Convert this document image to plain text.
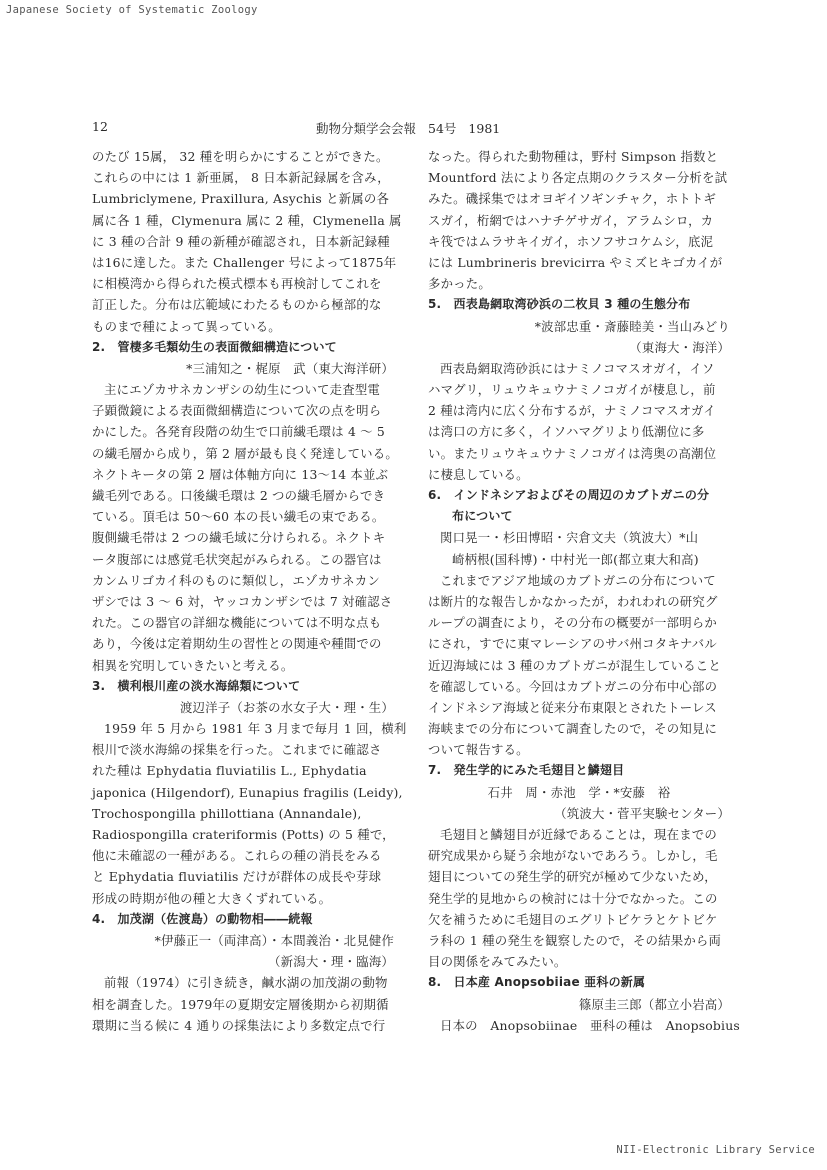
Japanese Society of Systematic Zoology
12	動物分類学会会報 54号 1981
のたび 15属， 32 種を明らかにすることができた。
これらの中には 1 新亜属， 8 日本新記録属を含み，
Lumbriclymene, Praxillura, Asychis と新属の各
属に各 1 種，Clymenura 属に 2 種，Clymenella 属
に 3 種の合計 9 種の新種が確認され，日本新記録種
は16に達した。また Challenger 号によって1875年
に相模湾から得られた模式標本も再検討してこれを
訂正した。分布は広範域にわたるものから極部的な
ものまで種によって異っている。
2.　管棲多毛類幼生の表面微細構造について
*三浦知之・梶原　武（東大海洋研）
主にエゾカサネカンザシの幼生について走査型電
子顕微鏡による表面微細構造について次の点を明ら
かにした。各発育段階の幼生で口前繊毛環は 4 ～ 5
の繊毛層から成り，第 2 層が最も良く発達している。
ネクトキータの第 2 層は体軸方向に 13～14 本並ぶ
繊毛列である。口後繊毛環は 2 つの繊毛層からでき
ている。頂毛は 50～60 本の長い繊毛の束である。
腹側繊毛帯は 2 つの繊毛域に分けられる。ネクトキ
ータ腹部には感覚毛状突起がみられる。この器官は
カンムリゴカイ科のものに類似し，エゾカサネカン
ザシでは 3 ～ 6 対，ヤッコカンザシでは 7 対確認さ
れた。この器官の詳細な機能については不明な点も
あり，今後は定着期幼生の習性との関連や種間での
相異を究明していきたいと考える。
3.　横利根川産の淡水海綿類について
渡辺洋子（お茶の水女子大・理・生）
1959 年 5 月から 1981 年 3 月まで毎月 1 回，横利
根川で淡水海綿の採集を行った。これまでに確認さ
れた種は Ephydatia fluviatilis L., Ephydatia
japonica (Hilgendorf), Eunapius fragilis (Leidy),
Trochospongilla phillottiana (Annandale),
Radiospongilla crateriformis (Potts) の 5 種で，
他に未確認の一種がある。これらの種の消長をみる
と Ephydatia fluviatilis だけが群体の成長や芽球
形成の時期が他の種と大きくずれている。
4.　加茂湖（佐渡島）の動物相――続報
*伊藤正一（両津高）・本間義治・北見健作
（新潟大・理・臨海）
前報（1974）に引き続き，鹹水湖の加茂湖の動物
相を調査した。1979年の夏期安定層後期から初期循
環期に当る候に 4 通りの採集法により多数定点で行
なった。得られた動物種は，野村 Simpson 指数と
Mountford 法により各定点期のクラスター分析を試
みた。磯採集ではオヨギイソギンチャク，ホトトギ
スガイ，桁網ではハナチゲサガイ，アラムシロ，カ
キ筏ではムラサキイガイ，ホソフサコケムシ，底泥
には Lumbrineris brevicirra やミズヒキゴカイが
多かった。
5.　西表島網取湾砂浜の二枚貝 3 種の生態分布
*波部忠重・斎藤睦美・当山みどり
（東海大・海洋）
西表島網取湾砂浜にはナミノコマスオガイ，イソ
ハマグリ，リュウキュウナミノコガイが棲息し，前
2 種は湾内に広く分布するが，ナミノコマスオガイ
は湾口の方に多く，イソハマグリより低潮位に多
い。またリュウキュウナミノコガイは湾奥の高潮位
に棲息している。
6.　インドネシアおよびその周辺のカブトガニの分
布について
関口晃一・杉田博昭・宍倉文夫（筑波大）*山
崎柄根(国科博)・中村光一郎(都立東大和高)
これまでアジア地域のカブトガニの分布について
は断片的な報告しかなかったが，われわれの研究グ
ループの調査により，その分布の概要が一部明らか
にされ，すでに東マレーシアのサバ州コタキナバル
近辺海域には 3 種のカブトガニが混生していること
を確認している。今回はカブトガニの分布中心部の
インドネシア海域と従来分布東限とされたトーレス
海峡までの分布について調査したので，その知見に
ついて報告する。
7.　発生学的にみた毛翅目と鱗翅目
石井　周・赤池　学・*安藤　裕
（筑波大・菅平実験センター）
毛翅目と鱗翅目が近縁であることは，現在までの
研究成果から疑う余地がないであろう。しかし，毛
翅目についての発生学的研究が極めて少ないため，
発生学的見地からの検討には十分でなかった。この
欠を補うために毛翅目のエグリトビケラとケトビケ
ラ科の 1 種の発生を観察したので，その結果から両
目の関係をみてみたい。
8.　日本産 Anopsobiiae 亜科の新属
篠原圭三郎（都立小岩高）
日本の　Anopsobiinae　亜科の種は　Anopsobius
NII-Electronic Library Service
